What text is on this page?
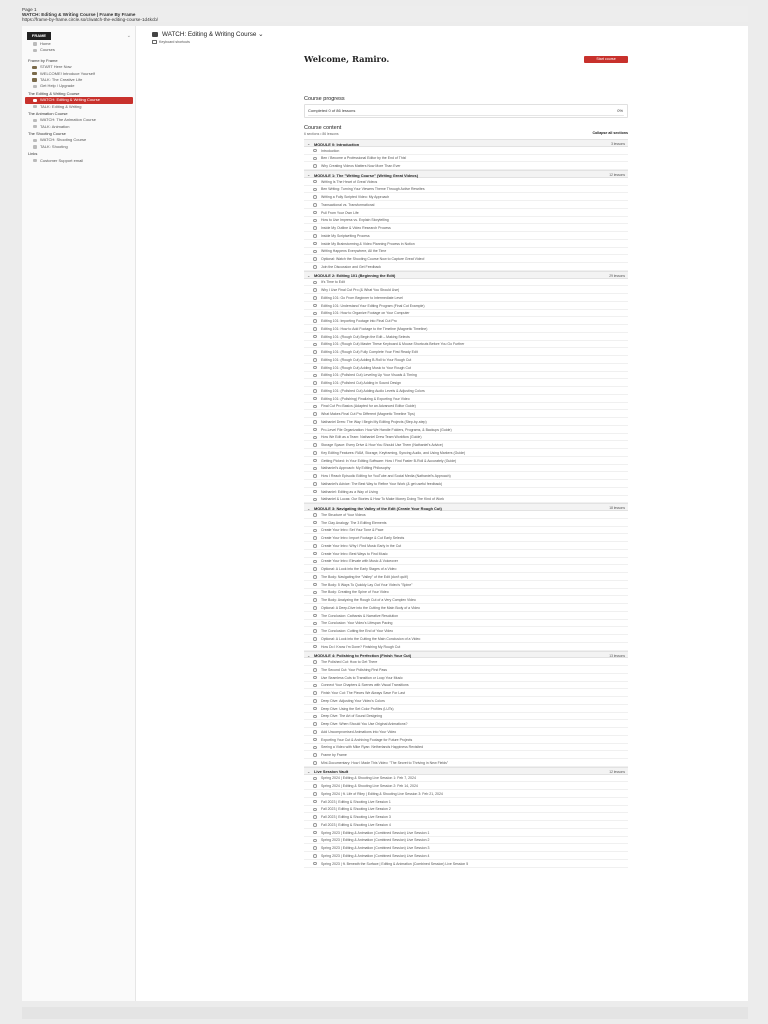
Page 1
WATCH: Editing & Writing Course | Frame By Frame
https://frame-by-frame.circle.so/c/watch-the-editing-course-1d4kcb/
FRAME	⌄
Home
Courses
Frame by Frame
START Here Now
WELCOME! Introduce Yourself
TALK: The Creative Life
Get Help / Upgrade
The Editing & Writing Course
WATCH: Editing & Writing Course
TALK: Editing & Writing
The Animation Course
WATCH: The Animation Course
TALK: Animation
The Shooting Course
WATCH: Shooting Course
TALK: Shooting
Links
Customer Support email
WATCH: Editing & Writing Course ⌄
Keyboard shortcuts
Welcome, Ramiro.	Start course
Course progress
Completed 0 of 86 lessons	0%
Course content
6 sections • 86 lessons	Collapse all sections
⌄ MODULE 0: Introduction	3 lessons
Introduction
Ben / Become a Professional Editor by the End of This!
Why Creating Videos Matters Now More Than Ever
⌄ MODULE 1: The "Writing Course" (Writing Great Videos)	12 lessons
Writing Is The Heart of Great Videos
Ben Writing: Turning Your Viewers Theme Through Active Rewrites
Writing a Fully Scripted Video: My Approach
Transactional vs. Transformational
Pull From Your Own Life
How to Use Impress vs. Explain Storytelling
Inside My Outline & Video Research Process
Inside My Scriptwriting Process
Inside My Brainstorming & Video Planning Process in Notion
Writing Happens Everywhere, All the Time
Optional: Watch the Shooting Course Now to Capture Great Video!
Join the Discussion and Get Feedback
⌄ MODULE 2: Editing 101 (Beginning the Edit)	29 lessons
It's Time to Edit
Why I Use Final Cut Pro (& What You Should Use)
Editing 101: Go From Beginner to Intermediate Level
Editing 101: Understand Your Editing Program (Final Cut Example)
Editing 101: How to Organize Footage on Your Computer
Editing 101: Importing Footage into Final Cut Pro
Editing 101: How to Add Footage to the Timeline (Magnetic Timeline)
Editing 101: (Rough Cut) Begin the Edit – Making Selects
Editing 101: (Rough Cut) Master These Keyboard & Mouse Shortcuts Before You Go Further
Editing 101: (Rough Cut) Fully Complete Your First Ready Edit
Editing 101: (Rough Cut) Adding B-Roll to Your Rough Cut
Editing 101: (Rough Cut) Adding Music to Your Rough Cut
Editing 101: (Polished Cut) Leveling Up Your Visuals & Timing
Editing 101: (Polished Cut) Adding in Sound Design
Editing 101: (Polished Cut) Adding Audio Levels & Adjusting Colors
Editing 101: (Polishing) Finalizing & Exporting Your Video
Final Cut Pro Basics (Adapted for an Advanced Editor Guide)
What Makes Final Cut Pro Different (Magnetic Timeline Tips)
Nathaniel Drew: The Way I Begin My Editing Projects (Step-by-step)
Pro-Level File Organization: How We Handle Folders, Programs, & Backups (Guide)
How We Edit as a Team: Nathaniel Drew Team Workflow (Guide)
Storage Space: Every Drive & How You Should Use Them (Nathaniel's Advice)
Key Editing Features: RAM, Storage, Keyframing, Syncing Audio, and Using Markers (Guide)
Getting Picked: In Your Editing Software: How I Find Faster B-Roll & Accurately (Guide)
Nathaniel's Approach: My Editing Philosophy
How I Reach Episodic Editing for YouTube and Social Media (Nathaniel's Approach)
Nathaniel's Advice: The Best Way to Refine Your Work (& get useful feedback)
Nathaniel: Editing as a Way of Living
Nathaniel & Lucas: Our Stories & How To Make Money Doing The Kind of Work
⌄ MODULE 3: Navigating the Valley of the Edit (Create Your Rough Cut)	18 lessons
The Structure of Your Videos
The Clay Analogy: The 3 Editing Elements
Create Your Intro: Set Your Tone & Pace
Create Your Intro: Import Footage & Cut Early Selects
Create Your Intro: Why I Find Music Early in the Cut
Create Your Intro: Best Ways to Find Music
Create Your Intro: Elevate with Music & Voiceover
Optional: A Look into the Early Stages of a Video
The Body: Navigating the "Valley" of the Edit (don't quit!)
The Body: 5 Ways To Quickly Lay Out Your Video's "Spine"
The Body: Creating the Spine of Your Video
The Body: Analyzing the Rough Cut of a Very Complex Video
Optional: A Deep-Dive into the Cutting the Main Body of a Video
The Conclusion: Catharsis & Narrative Resolution
The Conclusion: Your Video's Lifespan Pacing
The Conclusion: Cutting the End of Your Video
Optional: A Look into the Cutting the Main Conclusion of a Video
How Do I Know I'm Done? Finishing My Rough Cut
⌄ MODULE 4: Polishing to Perfection (Finish Your Cut)	13 lessons
The Polished Cut: How to Get There
The Second Cut: Your Polishing First Pass
Use Seamless Cuts to Transition or Loop Your Music
Connect Your Chapters & Scenes with Visual Transitions
Finish Your Cut: The Pieces We Always Save For Last
Deep Dive: Adjusting Your Video's Colors
Deep Dive: Using the Set Color Profiles (LUTs)
Deep Dive: The Art of Sound Designing
Deep Dive: When Should You Use Original Animations?
Add Uncompromised Animations into Your Video
Exporting Your Cut & Archiving Footage for Future Projects
Seeing a Video with Mike Ryan: Netherlands Happiness Revisited
Frame by Frame
Mini-Documentary: How I Made This Video: "The Secret to Thriving in New Fields"
⌄ Live Session Vault	12 lessons
Spring 2024 | Editing & Shooting Live Session 1: Feb 7, 2024
Spring 2024 | Editing & Shooting Live Session 2: Feb 14, 2024
Spring 2024 | ft. Life of Riley | Editing & Shooting Live Session 3: Feb 21, 2024
Fall 2023 | Editing & Shooting Live Session 1
Fall 2023 | Editing & Shooting Live Session 2
Fall 2023 | Editing & Shooting Live Session 3
Fall 2023 | Editing & Shooting Live Session 4
Spring 2023 | Editing & Animation (Combined Session) Live Session 1
Spring 2023 | Editing & Animation (Combined Session) Live Session 2
Spring 2023 | Editing & Animation (Combined Session) Live Session 3
Spring 2023 | Editing & Animation (Combined Session) Live Session 4
Spring 2023 | ft. Beneath the Surface | Editing & Animation (Combined Session) Live Session 5
